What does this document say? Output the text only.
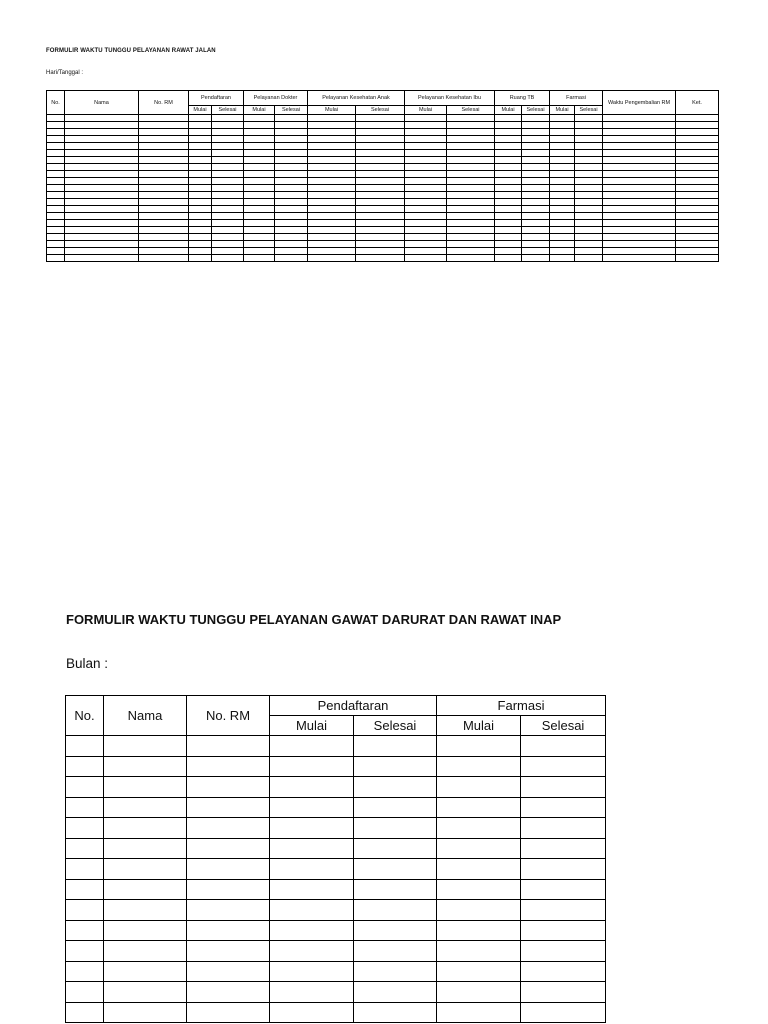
FORMULIR WAKTU TUNGGU PELAYANAN RAWAT JALAN
Hari/Tanggal :
No.	Nama	No. RM	Pendaftaran		Pelayanan Dokter		Pelayanan Kesehatan Anak		Pelayanan Kesehatan Ibu		Ruang TB		Farmasi		Waktu Pengembalian RM	Ket.
			Mulai	Selesai	Mulai	Selesai	Mulai	Selesai	Mulai	Selesai	Mulai	Selesai	Mulai	Selesai		

FORMULIR WAKTU TUNGGU PELAYANAN GAWAT DARURAT DAN RAWAT INAP
Bulan :
No.	Nama	No. RM	Pendaftaran		Farmasi	
			Mulai	Selesai	Mulai	Selesai
